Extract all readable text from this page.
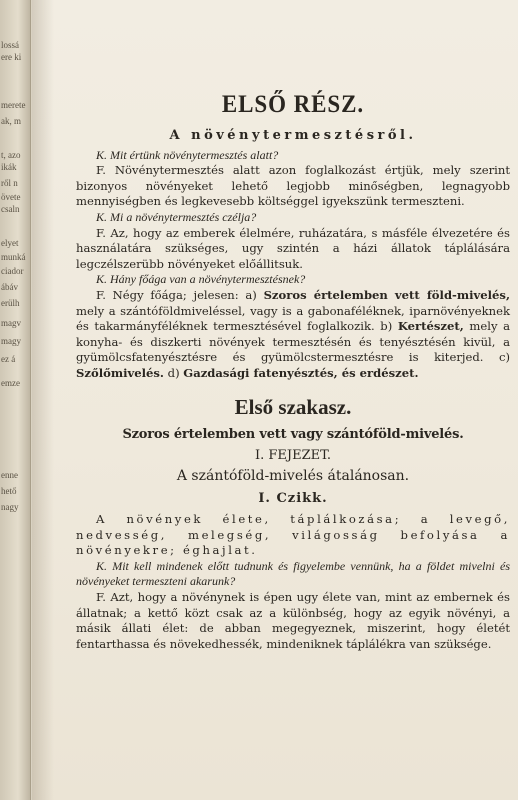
lossá
ere ki
merete
ak, m
t, azo
ikák
ről n
övete
csaln
elyet
munká
ciador
ábáv
erülh
magv
magy
ez á
emze
enne
hető
nagy
ELSŐ RÉSZ.
A növénytermesztésről.

K. Mit értünk növénytermesztés alatt?

F. Növénytermesztés alatt azon foglalkozást értjük, mely szerint bizonyos növényeket lehető legjobb minőségben, legnagyobb mennyiségben és legkevesebb költséggel igyekszünk termeszteni.

K. Mi a növénytermesztés czélja?

F. Az, hogy az emberek élelmére, ruházatára, s másféle élvezetére és használatára szükséges, ugy szintén a házi állatok táplálására legczélszerübb növényeket előállitsuk.

K. Hány főága van a növénytermesztésnek?

F. Négy főága; jelesen: a) Szoros értelemben vett föld-mivelés, mely a szántóföldmiveléssel, vagy is a gabonaféléknek, iparnövényeknek és takarmányféléknek termesztésével foglalkozik. b) Kertészet, mely a konyha- és diszkerti növények termesztésén és tenyésztésén kivül, a gyümölcsfatenyésztésre és gyümölcstermesztésre is kiterjed. c) Szőlőmivelés. d) Gazdasági fatenyésztés, és erdészet.

Első szakasz.
Szoros értelemben vett vagy szántóföld-mivelés.
I. FEJEZET.
A szántóföld-mivelés átalánosan.
I. Czikk.

A növények élete, táplálkozása; a levegő, nedvesség, melegség, világosság befolyása a növényekre; éghajlat.

K. Mit kell mindenek előtt tudnunk és figyelembe vennünk, ha a földet mivelni és növényeket termeszteni akarunk?

F. Azt, hogy a növénynek is épen ugy élete van, mint az embernek és állatnak; a kettő közt csak az a különbség, hogy az egyik növényi, a másik állati élet: de abban megegyeznek, miszerint, hogy életét fentarthassa és növekedhessék, mindeniknek táplálékra van szüksége.
